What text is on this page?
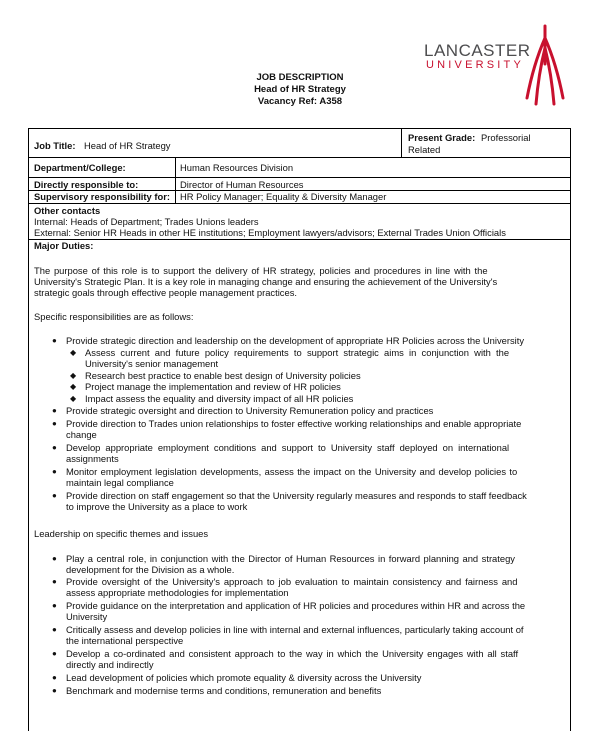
LANCASTER
UNIVERSITY
JOB DESCRIPTION
Head of HR Strategy
Vacancy Ref: A358
Job Title: Head of HR Strategy
Present Grade: Professorial
Related
Department/College:	Human Resources Division
Directly responsible to:	Director of Human Resources
Supervisory responsibility for: HR Policy Manager; Equality & Diversity Manager
Other contacts
Internal: Heads of Department; Trades Unions leaders
External: Senior HR Heads in other HE institutions; Employment lawyers/advisors; External Trades Union Officials
Major Duties:
The purpose of this role is to support the delivery of HR strategy, policies and procedures in line with the
University's Strategic Plan. It is a key role in managing change and ensuring the achievement of the University's
strategic goals through effective people management practices.
Specific responsibilities are as follows:
● Provide strategic direction and leadership on the development of appropriate HR Policies across the University
◆ Assess current and future policy requirements to support strategic aims in conjunction with the
University's senior management
◆ Research best practice to enable best design of University policies
◆ Project manage the implementation and review of HR policies
◆ Impact assess the equality and diversity impact of all HR policies
● Provide strategic oversight and direction to University Remuneration policy and practices
● Provide direction to Trades union relationships to foster effective working relationships and enable appropriate
change
● Develop appropriate employment conditions and support to University staff deployed on international
assignments
● Monitor employment legislation developments, assess the impact on the University and develop policies to
maintain legal compliance
● Provide direction on staff engagement so that the University regularly measures and responds to staff feedback
to improve the University as a place to work
Leadership on specific themes and issues
● Play a central role, in conjunction with the Director of Human Resources in forward planning and strategy
development for the Division as a whole.
● Provide oversight of the University's approach to job evaluation to maintain consistency and fairness and
assess appropriate methodologies for implementation
● Provide guidance on the interpretation and application of HR policies and procedures within HR and across the
University
● Critically assess and develop policies in line with internal and external influences, particularly taking account of
the international perspective
● Develop a co-ordinated and consistent approach to the way in which the University engages with all staff
directly and indirectly
● Lead development of policies which promote equality & diversity across the University
● Benchmark and modernise terms and conditions, remuneration and benefits
